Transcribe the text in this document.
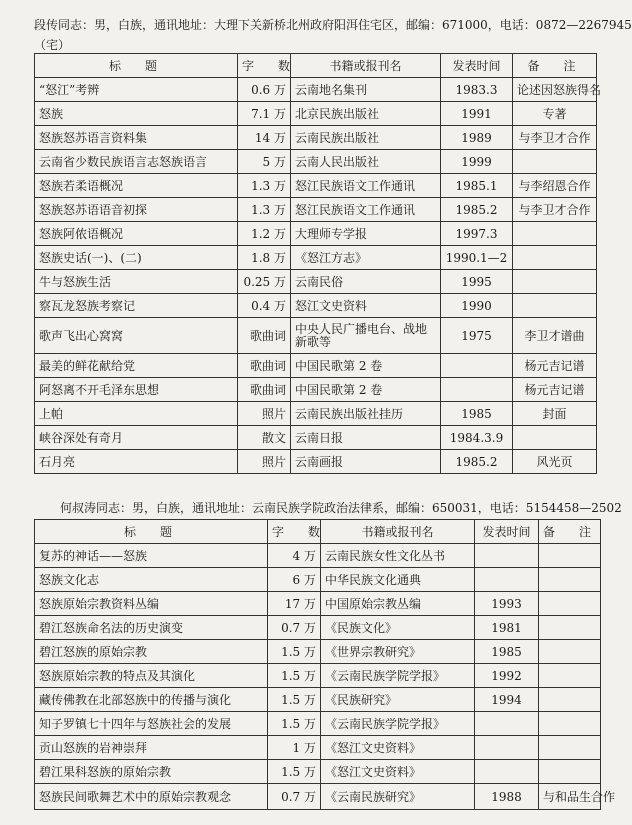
段传同志：男，白族，通讯地址：大理下关新桥北州政府阳洱住宅区，邮编：671000，电话：0872—2267945
（宅）
标　题	字　数	书籍或报刊名	发表时间	备　注
“怒江”考辨	0.6 万	云南地名集刊	1983.3	论述因怒族得名
怒族	7.1 万	北京民族出版社	1991	专著
怒族怒苏语言资料集	14 万	云南民族出版社	1989	与李卫才合作
云南省少数民族语言志怒族语言	5 万	云南人民出版社	1999	
怒族若柔语概况	1.3 万	怒江民族语文工作通讯	1985.1	与李绍恩合作
怒族怒苏语语音初探	1.3 万	怒江民族语文工作通讯	1985.2	与李卫才合作
怒族阿侬语概况	1.2 万	大理师专学报	1997.3	
怒族史话(一)、(二)	1.8 万	《怒江方志》	1990.1—2	
牛与怒族生活	0.25 万	云南民俗	1995	
察瓦龙怒族考察记	0.4 万	怒江文史资料	1990	
歌声飞出心窝窝	歌曲词	中央人民广播电台、战地新歌等	1975	李卫才谱曲
最美的鲜花献给党	歌曲词	中国民歌第 2 卷		杨元吉记谱
阿怒离不开毛泽东思想	歌曲词	中国民歌第 2 卷		杨元吉记谱
上帕	照片	云南民族出版社挂历	1985	封面
峡谷深处有奇月	散文	云南日报	1984.3.9	
石月亮	照片	云南画报	1985.2	风光页

何叔涛同志：男，白族，通讯地址：云南民族学院政治法律系，邮编：650031，电话：5154458—2502
标　题	字　数	书籍或报刊名	发表时间	备　注
复苏的神话——怒族	4 万	云南民族女性文化丛书		
怒族文化志	6 万	中华民族文化通典		
怒族原始宗教资料丛编	17 万	中国原始宗教丛编	1993	
碧江怒族命名法的历史演变	0.7 万	《民族文化》	1981	
碧江怒族的原始宗教	1.5 万	《世界宗教研究》	1985	
怒族原始宗教的特点及其演化	1.5 万	《云南民族学院学报》	1992	
藏传佛教在北部怒族中的传播与演化	1.5 万	《民族研究》	1994	
知子罗镇七十四年与怒族社会的发展	1.5 万	《云南民族学院学报》		
贡山怒族的岩神崇拜	1 万	《怒江文史资料》		
碧江果科怒族的原始宗教	1.5 万	《怒江文史资料》		
怒族民间歌舞艺术中的原始宗教观念	0.7 万	《云南民族研究》	1988	与和品生合作
